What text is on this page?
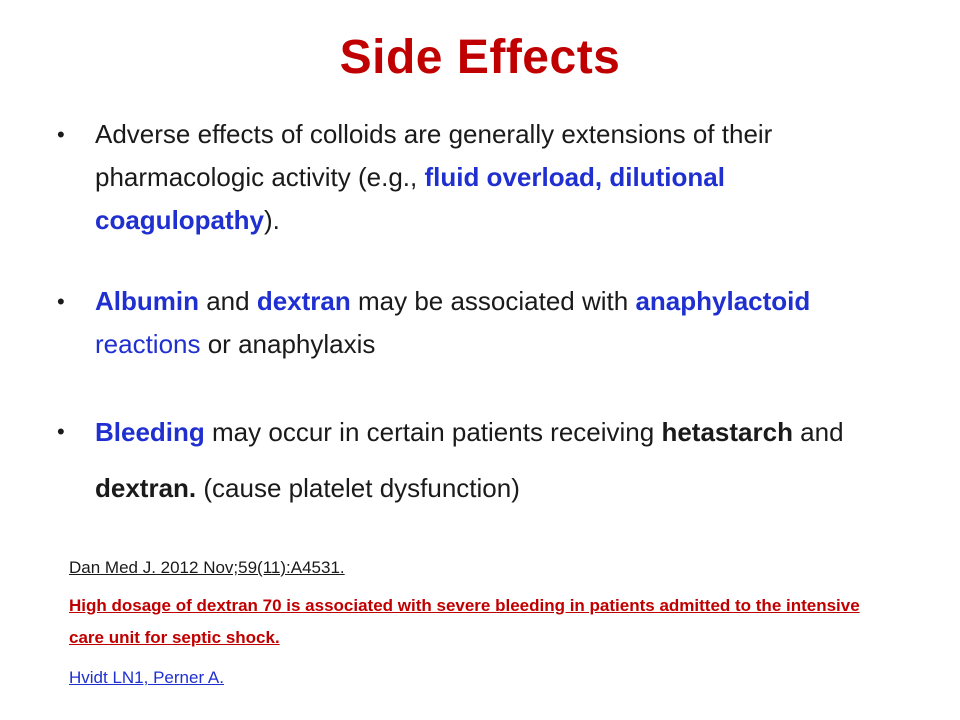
Side Effects
• Adverse effects of colloids are generally extensions of their pharmacologic activity (e.g., fluid overload, dilutional coagulopathy).
• Albumin and dextran may be associated with anaphylactoid reactions or anaphylaxis
• Bleeding may occur in certain patients receiving hetastarch and dextran. (cause platelet dysfunction)
Dan Med J. 2012 Nov;59(11):A4531.
High dosage of dextran 70 is associated with severe bleeding in patients admitted to the intensive care unit for septic shock.
Hvidt LN1, Perner A.
